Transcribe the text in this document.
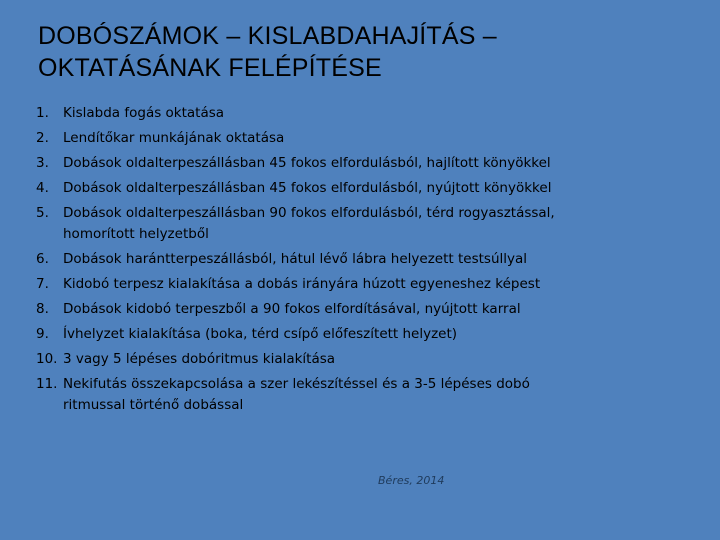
DOBÓSZÁMOK – KISLABDAHAJÍTÁS –
OKTATÁSÁNAK FELÉPÍTÉSE
1.	Kislabda fogás oktatása
2.	Lendítőkar munkájának oktatása
3.	Dobások oldalterpeszállásban 45 fokos elfordulásból, hajlított könyökkel
4.	Dobások oldalterpeszállásban 45 fokos elfordulásból, nyújtott könyökkel
5.	Dobások oldalterpeszállásban 90 fokos elfordulásból, térd rogyasztással, homorított helyzetből
6.	Dobások harántterpeszállásból, hátul lévő lábra helyezett testsúllyal
7.	Kidobó terpesz kialakítása a dobás irányára húzott egyeneshez képest
8.	Dobások kidobó terpeszből a 90 fokos elfordításával, nyújtott karral
9.	Ívhelyzet kialakítása (boka, térd csípő előfeszített helyzet)
10. 3 vagy 5 lépéses dobóritmus kialakítása
11. Nekifutás összekapcsolása a szer lekészítéssel és a 3-5 lépéses dobó ritmussal történő dobással
Béres, 2014
